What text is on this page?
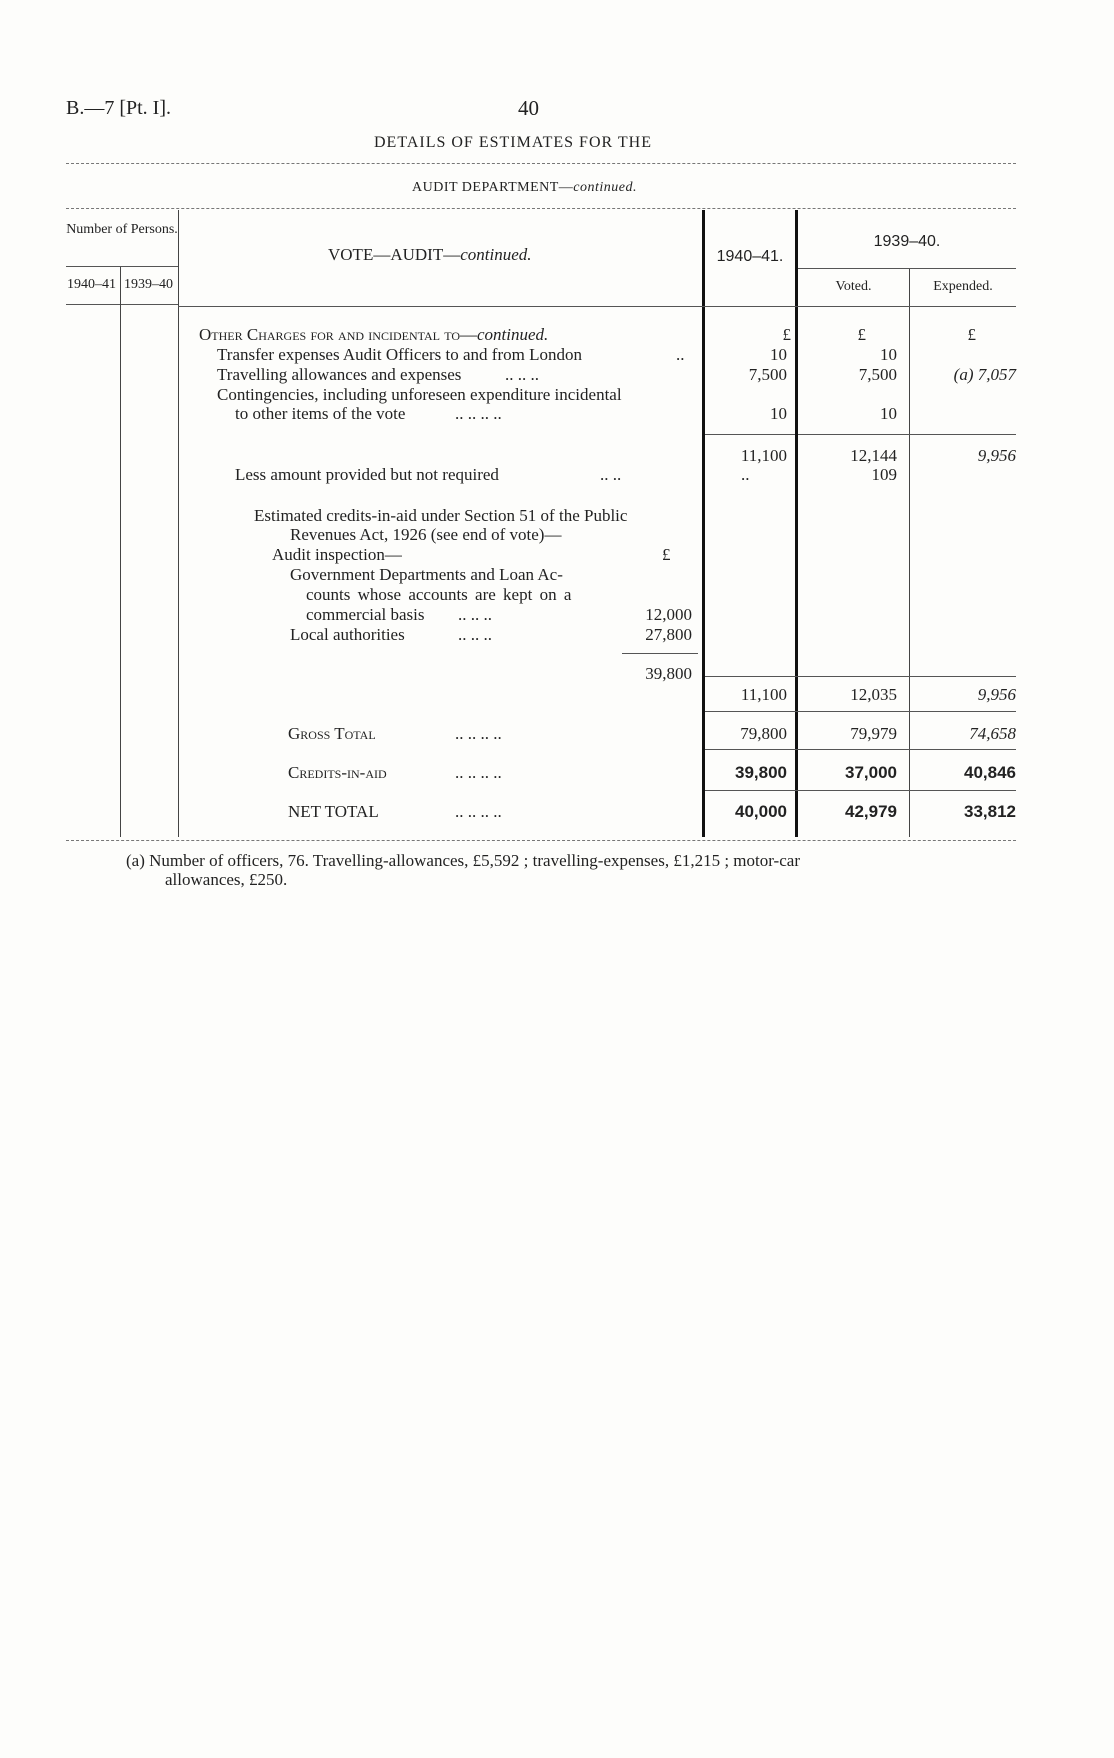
B.—7 [Pt. I].	40
DETAILS OF ESTIMATES FOR THE
AUDIT DEPARTMENT—continued.
Number of Persons.
1940–41 1939–40
VOTE—AUDIT—continued.	1940–41.
1939–40.
Voted.	Expended.
Other Charges for and incidental to—continued.	£	£	£
Transfer expenses Audit Officers to and from London	..	10	10
Travelling allowances and expenses	.. .. ..	7,500	7,500	(a) 7,057
Contingencies, including unforeseen expenditure incidental
to other items of the vote	.. .. .. ..	10	10
11,100	12,144	9,956
Less amount provided but not required	.. ..	..	109
Estimated credits-in-aid under Section 51 of the Public
Revenues Act, 1926 (see end of vote)—
Audit inspection—	£
Government Departments and Loan Ac-
counts whose accounts are kept on a
commercial basis .. .. ..	12,000
Local authorities	.. .. ..	27,800
39,800
11,100	12,035	9,956
Gross Total	.. .. .. ..	79,800	79,979	74,658
Credits-in-aid	.. .. .. ..	39,800	37,000	40,846
NET TOTAL	.. .. .. ..	40,000	42,979	33,812
(a) Number of officers, 76. Travelling-allowances, £5,592 ; travelling-expenses, £1,215 ; motor-car
allowances, £250.
